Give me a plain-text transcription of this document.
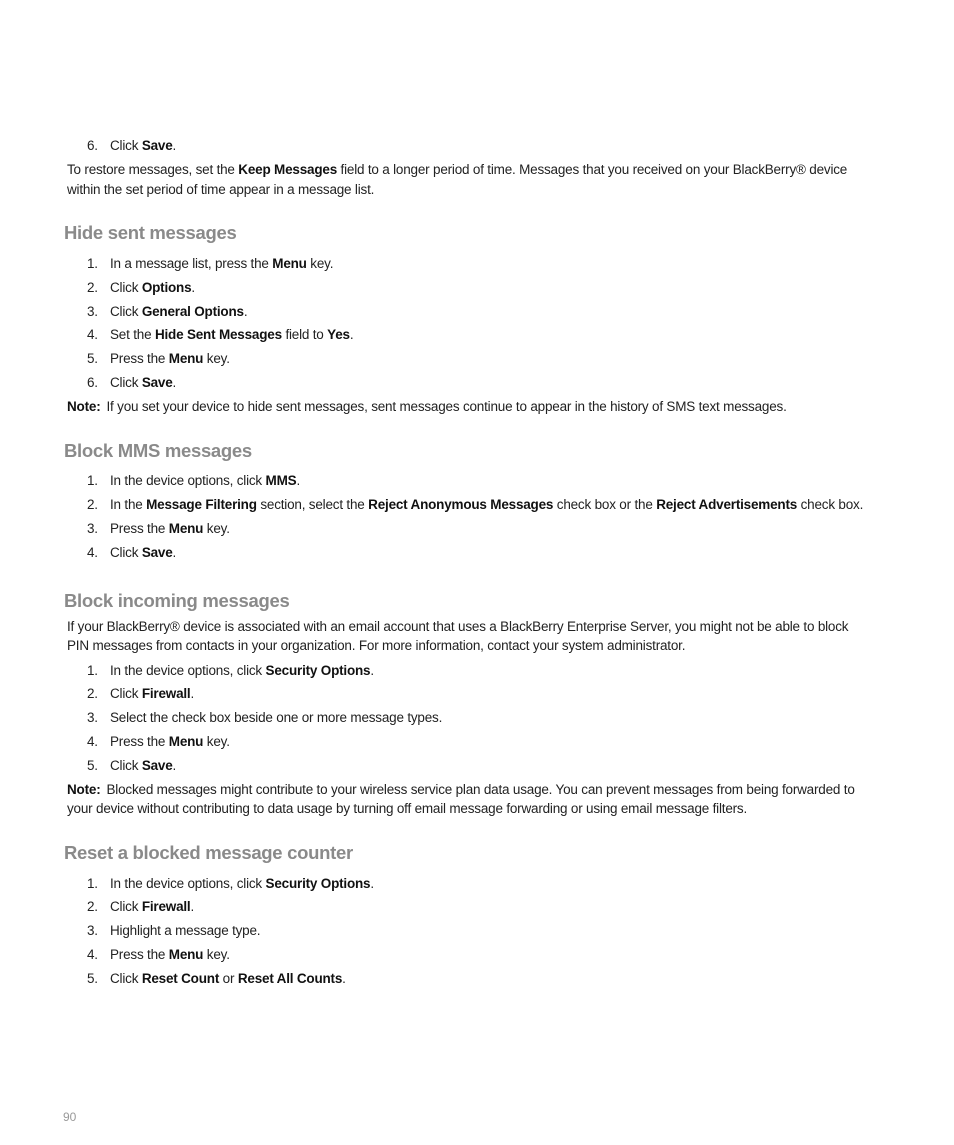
6. Click Save.
To restore messages, set the Keep Messages field to a longer period of time. Messages that you received on your BlackBerry® device
within the set period of time appear in a message list.
Hide sent messages
1. In a message list, press the Menu key.
2. Click Options.
3. Click General Options.
4. Set the Hide Sent Messages field to Yes.
5. Press the Menu key.
6. Click Save.
Note: If you set your device to hide sent messages, sent messages continue to appear in the history of SMS text messages.
Block MMS messages
1. In the device options, click MMS.
2. In the Message Filtering section, select the Reject Anonymous Messages check box or the Reject Advertisements check box.
3. Press the Menu key.
4. Click Save.
Block incoming messages
If your BlackBerry® device is associated with an email account that uses a BlackBerry Enterprise Server, you might not be able to block
PIN messages from contacts in your organization. For more information, contact your system administrator.
1. In the device options, click Security Options.
2. Click Firewall.
3. Select the check box beside one or more message types.
4. Press the Menu key.
5. Click Save.
Note: Blocked messages might contribute to your wireless service plan data usage. You can prevent messages from being forwarded to
your device without contributing to data usage by turning off email message forwarding or using email message filters.
Reset a blocked message counter
1. In the device options, click Security Options.
2. Click Firewall.
3. Highlight a message type.
4. Press the Menu key.
5. Click Reset Count or Reset All Counts.
90
